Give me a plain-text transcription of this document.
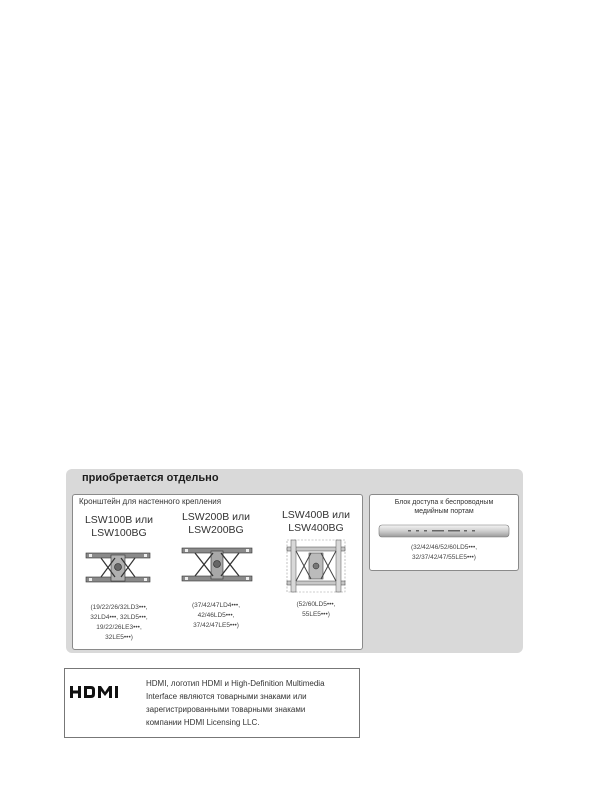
приобретается отдельно
Кронштейн для настенного крепления
LSW100B или
LSW100BG
(19/22/26/32LD3•••,
32LD4•••, 32LD5•••,
19/22/26LE3•••,
32LE5•••)
LSW200B или
LSW200BG
(37/42/47LD4•••,
42/46LD5•••,
37/42/47LE5•••)
LSW400B или
LSW400BG
(52/60LD5•••,
55LE5•••)
Блок доступа к беспроводным
медийным портам
(32/42/46/52/60LD5•••,
32/37/42/47/55LE5•••)
HDMI, логотип HDMI и High-Definition Multimedia
Interface являются товарными знаками или
зарегистрированными товарными знаками
компании HDMI Licensing LLC.
